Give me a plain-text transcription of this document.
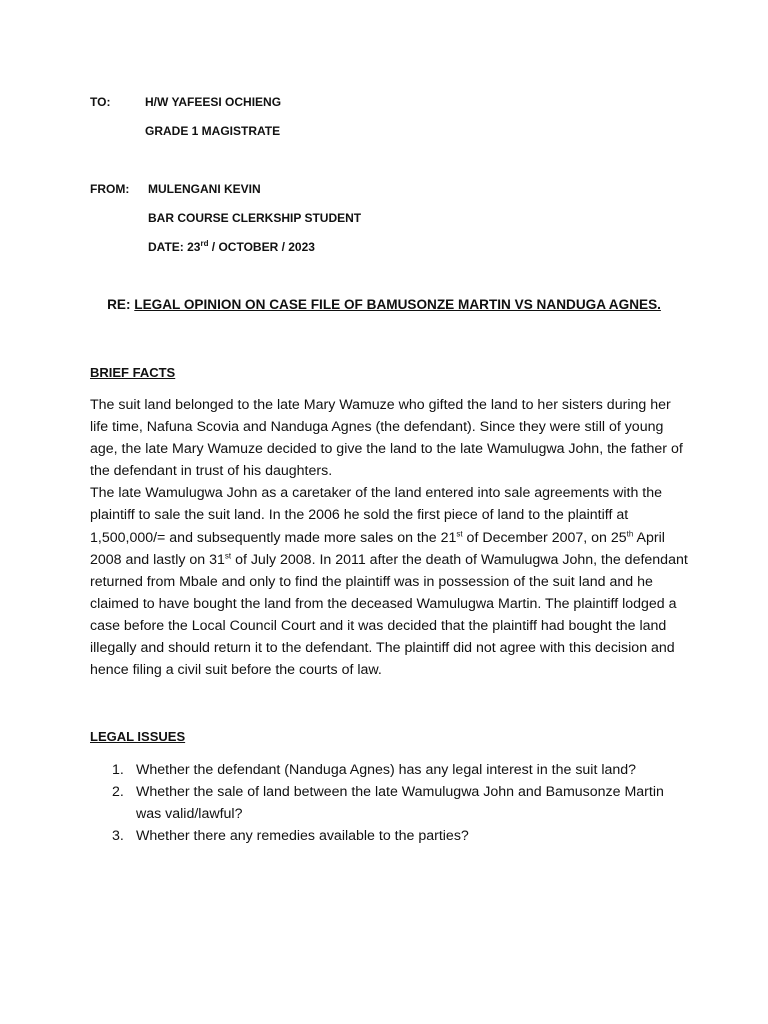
TO:	H/W YAFEESI OCHIENG
GRADE 1 MAGISTRATE
FROM: MULENGANI KEVIN
BAR COURSE CLERKSHIP STUDENT
DATE: 23rd / OCTOBER / 2023
RE: LEGAL OPINION ON CASE FILE OF BAMUSONZE MARTIN VS NANDUGA AGNES.
BRIEF FACTS

The suit land belonged to the late Mary Wamuze who gifted the land to her sisters during her life time, Nafuna Scovia and Nanduga Agnes (the defendant). Since they were still of young age, the late Mary Wamuze decided to give the land to the late Wamulugwa John, the father of the defendant in trust of his daughters.

The late Wamulugwa John as a caretaker of the land entered into sale agreements with the plaintiff to sale the suit land. In the 2006 he sold the first piece of land to the plaintiff at 1,500,000/= and subsequently made more sales on the 21st of December 2007, on 25th April 2008 and lastly on 31st of July 2008. In 2011 after the death of Wamulugwa John, the defendant returned from Mbale and only to find the plaintiff was in possession of the suit land and he claimed to have bought the land from the deceased Wamulugwa Martin. The plaintiff lodged a case before the Local Council Court and it was decided that the plaintiff had bought the land illegally and should return it to the defendant. The plaintiff did not agree with this decision and hence filing a civil suit before the courts of law.

LEGAL ISSUES
1. Whether the defendant (Nanduga Agnes) has any legal interest in the suit land?
2. Whether the sale of land between the late Wamulugwa John and Bamusonze Martin was valid/lawful?
3. Whether there any remedies available to the parties?
